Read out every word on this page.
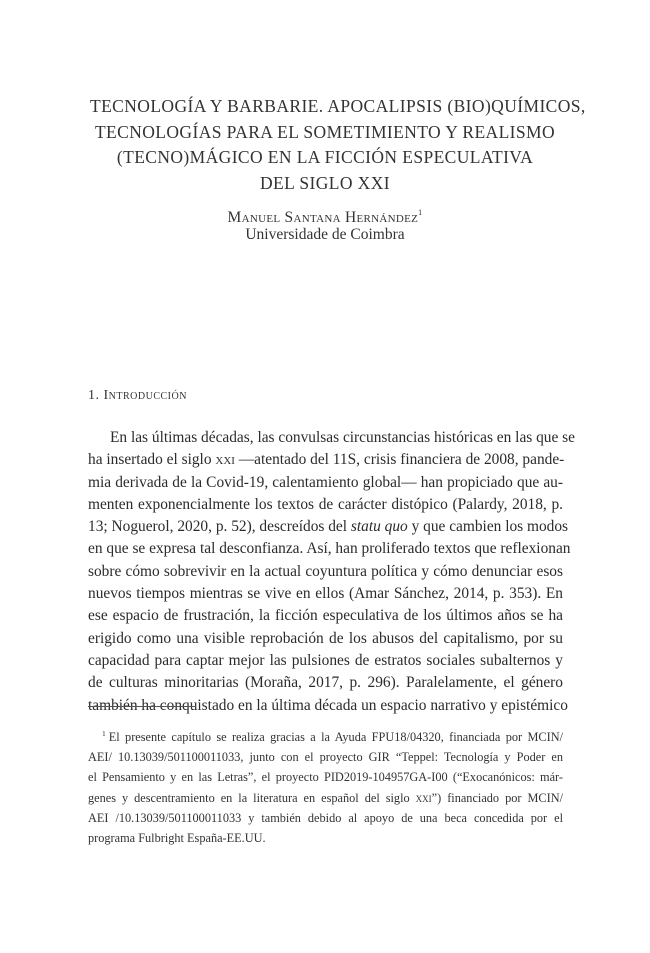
TECNOLOGÍA Y BARBARIE. APOCALIPSIS (BIO)QUÍMICOS,
TECNOLOGÍAS PARA EL SOMETIMIENTO Y REALISMO
(TECNO)MÁGICO EN LA FICCIÓN ESPECULATIVA
DEL SIGLO XXI
Manuel Santana Hernández$^1$
Universidade de Coimbra
1. Introducción
En las últimas décadas, las convulsas circunstancias históricas en las que se
ha insertado el siglo xxi —atentado del 11S, crisis financiera de 2008, pande-
mia derivada de la Covid-19, calentamiento global— han propiciado que au-
menten exponencialmente los textos de carácter distópico (Palardy, 2018, p.
13; Noguerol, 2020, p. 52), descreídos del statu quo y que cambien los modos
en que se expresa tal desconfianza. Así, han proliferado textos que reflexionan
sobre cómo sobrevivir en la actual coyuntura política y cómo denunciar esos
nuevos tiempos mientras se vive en ellos (Amar Sánchez, 2014, p. 353). En
ese espacio de frustración, la ficción especulativa de los últimos años se ha
erigido como una visible reprobación de los abusos del capitalismo, por su
capacidad para captar mejor las pulsiones de estratos sociales subalternos y
de culturas minoritarias (Moraña, 2017, p. 296). Paralelamente, el género
también ha conquistado en la última década un espacio narrativo y epistémico
$^1$ El presente capítulo se realiza gracias a la Ayuda FPU18/04320, financiada por MCIN/
AEI/ 10.13039/501100011033, junto con el proyecto GIR “Teppel: Tecnología y Poder en
el Pensamiento y en las Letras”, el proyecto PID2019-104957GA-I00 (“Exocanónicos: már-
genes y descentramiento en la literatura en español del siglo xxi”) financiado por MCIN/
AEI /10.13039/501100011033 y también debido al apoyo de una beca concedida por el
programa Fulbright España-EE.UU.
